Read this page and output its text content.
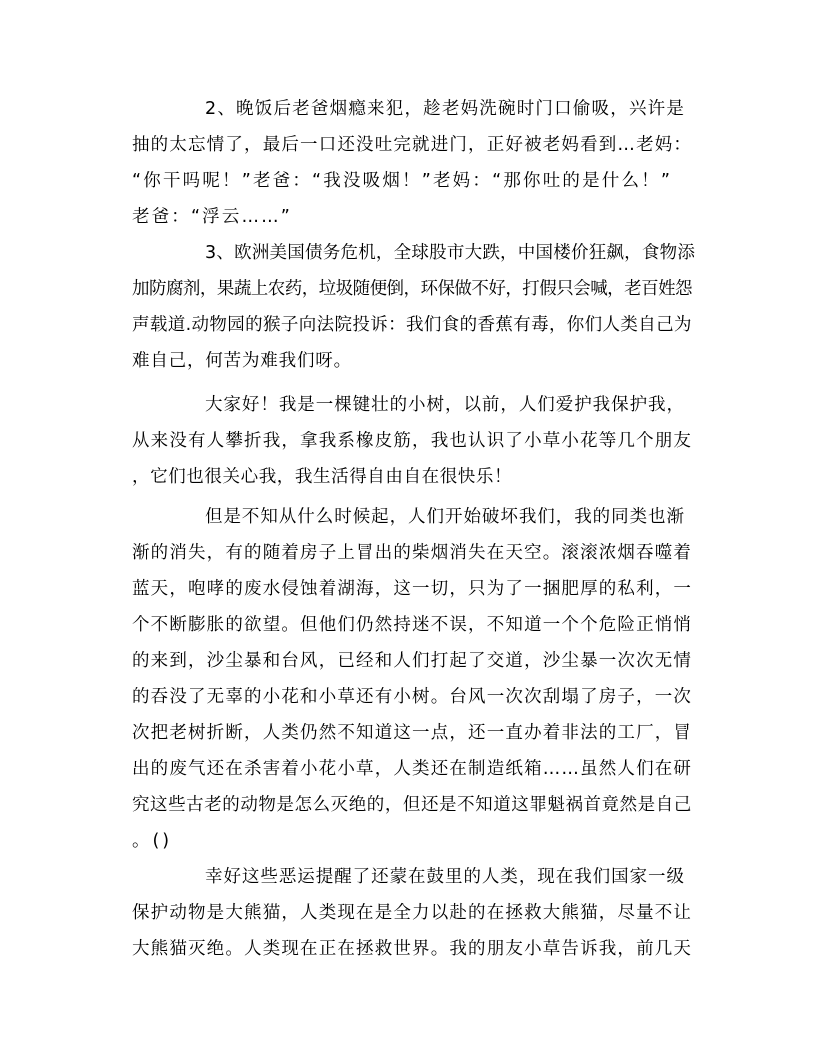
2、晚饭后老爸烟瘾来犯，趁老妈洗碗时门口偷吸，兴许是
抽的太忘情了，最后一口还没吐完就进门，正好被老妈看到…老妈：
“你干吗呢！”老爸：“我没吸烟！”老妈：“那你吐的是什么！”
老爸：“浮云……”
3、欧洲美国债务危机，全球股市大跌，中国楼价狂飙，食物添
加防腐剂，果蔬上农药，垃圾随便倒，环保做不好，打假只会喊，老百姓怨
声载道.动物园的猴子向法院投诉：我们食的香蕉有毒，你们人类自己为
难自己，何苦为难我们呀。
大家好！我是一棵键壮的小树，以前，人们爱护我保护我，
从来没有人攀折我，拿我系橡皮筋，我也认识了小草小花等几个朋友
，它们也很关心我，我生活得自由自在很快乐！
但是不知从什么时候起，人们开始破坏我们，我的同类也渐
渐的消失，有的随着房子上冒出的柴烟消失在天空。滚滚浓烟吞噬着
蓝天，咆哮的废水侵蚀着湖海，这一切，只为了一捆肥厚的私利，一
个不断膨胀的欲望。但他们仍然持迷不误，不知道一个个危险正悄悄
的来到，沙尘暴和台风，已经和人们打起了交道，沙尘暴一次次无情
的吞没了无辜的小花和小草还有小树。台风一次次刮塌了房子，一次
次把老树折断，人类仍然不知道这一点，还一直办着非法的工厂，冒
出的废气还在杀害着小花小草，人类还在制造纸箱……虽然人们在研
究这些古老的动物是怎么灭绝的，但还是不知道这罪魁祸首竟然是自己
。()
幸好这些恶运提醒了还蒙在鼓里的人类，现在我们国家一级
保护动物是大熊猫，人类现在是全力以赴的在拯救大熊猫，尽量不让
大熊猫灭绝。人类现在正在拯救世界。我的朋友小草告诉我，前几天
